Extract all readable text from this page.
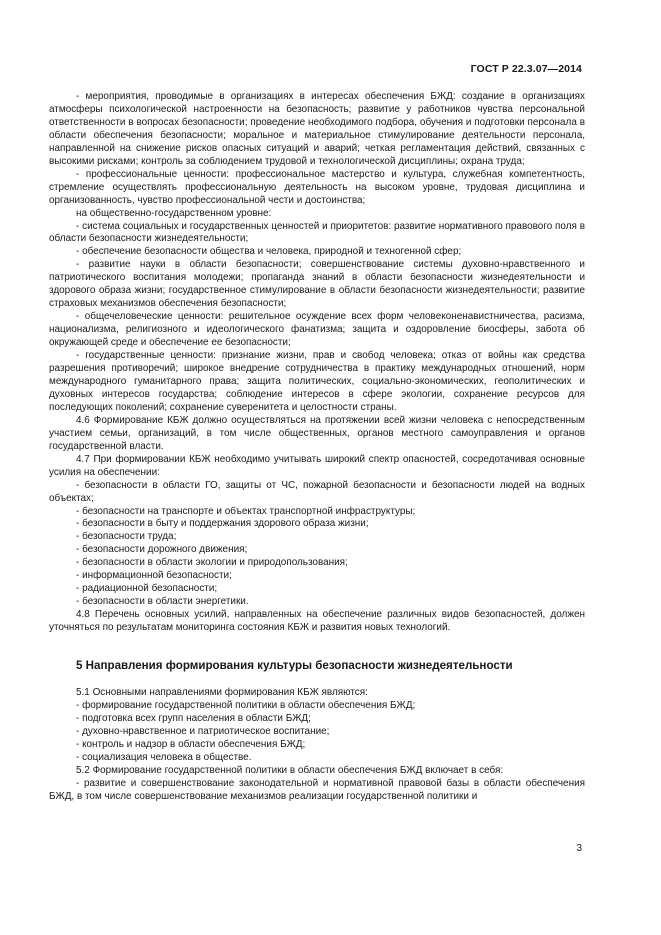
ГОСТ Р 22.3.07—2014

- мероприятия, проводимые в организациях в интересах обеспечения БЖД: создание в организациях атмосферы психологической настроенности на безопасность; развитие у работников чувства персональной ответственности в вопросах безопасности; проведение необходимого подбора, обучения и подготовки персонала в области обеспечения безопасности; моральное и материальное стимулирование деятельности персонала, направленной на снижение рисков опасных ситуаций и аварий; четкая регламентация действий, связанных с высокими рисками; контроль за соблюдением трудовой и технологической дисциплины; охрана труда;

- профессиональные ценности: профессиональное мастерство и культура, служебная компетентность, стремление осуществлять профессиональную деятельность на высоком уровне, трудовая дисциплина и организованность, чувство профессиональной чести и достоинства;

на общественно-государственном уровне:

- система социальных и государственных ценностей и приоритетов: развитие нормативного правового поля в области безопасности жизнедеятельности;

- обеспечение безопасности общества и человека, природной и техногенной сфер;

- развитие науки в области безопасности; совершенствование системы духовно-нравственного и патриотического воспитания молодежи; пропаганда знаний в области безопасности жизнедеятельности и здорового образа жизни; государственное стимулирование в области безопасности жизнедеятельности; развитие страховых механизмов обеспечения безопасности;

- общечеловеческие ценности: решительное осуждение всех форм человеконенавистничества, расизма, национализма, религиозного и идеологического фанатизма; защита и оздоровление биосферы, забота об окружающей среде и обеспечение ее безопасности;

- государственные ценности: признание жизни, прав и свобод человека; отказ от войны как средства разрешения противоречий; широкое внедрение сотрудничества в практику международных отношений, норм международного гуманитарного права; защита политических, социально-экономических, геополитических и духовных интересов государства; соблюдение интересов в сфере экологии, сохранение ресурсов для последующих поколений; сохранение суверенитета и целостности страны.

4.6 Формирование КБЖ должно осуществляться на протяжении всей жизни человека с непосредственным участием семьи, организаций, в том числе общественных, органов местного самоуправления и органов государственной власти.

4.7 При формировании КБЖ необходимо учитывать широкий спектр опасностей, сосредотачивая основные усилия на обеспечении:

- безопасности в области ГО, защиты от ЧС, пожарной безопасности и безопасности людей на водных объектах;

- безопасности на транспорте и объектах транспортной инфраструктуры;

- безопасности в быту и поддержания здорового образа жизни;

- безопасности труда;

- безопасности дорожного движения;

- безопасности в области экологии и природопользования;

- информационной безопасности;

- радиационной безопасности;

- безопасности в области энергетики.

4.8 Перечень основных усилий, направленных на обеспечение различных видов безопасностей, должен уточняться по результатам мониторинга состояния КБЖ и развития новых технологий.

5 Направления формирования культуры безопасности жизнедеятельности

5.1 Основными направлениями формирования КБЖ являются:

- формирование государственной политики в области обеспечения БЖД;

- подготовка всех групп населения в области БЖД;

- духовно-нравственное и патриотическое воспитание;

- контроль и надзор в области обеспечения БЖД;

- социализация человека в обществе.

5.2 Формирование государственной политики в области обеспечения БЖД включает в себя:

- развитие и совершенствование законодательной и нормативной правовой базы в области обеспечения БЖД, в том числе совершенствование механизмов реализации государственной политики и

3
